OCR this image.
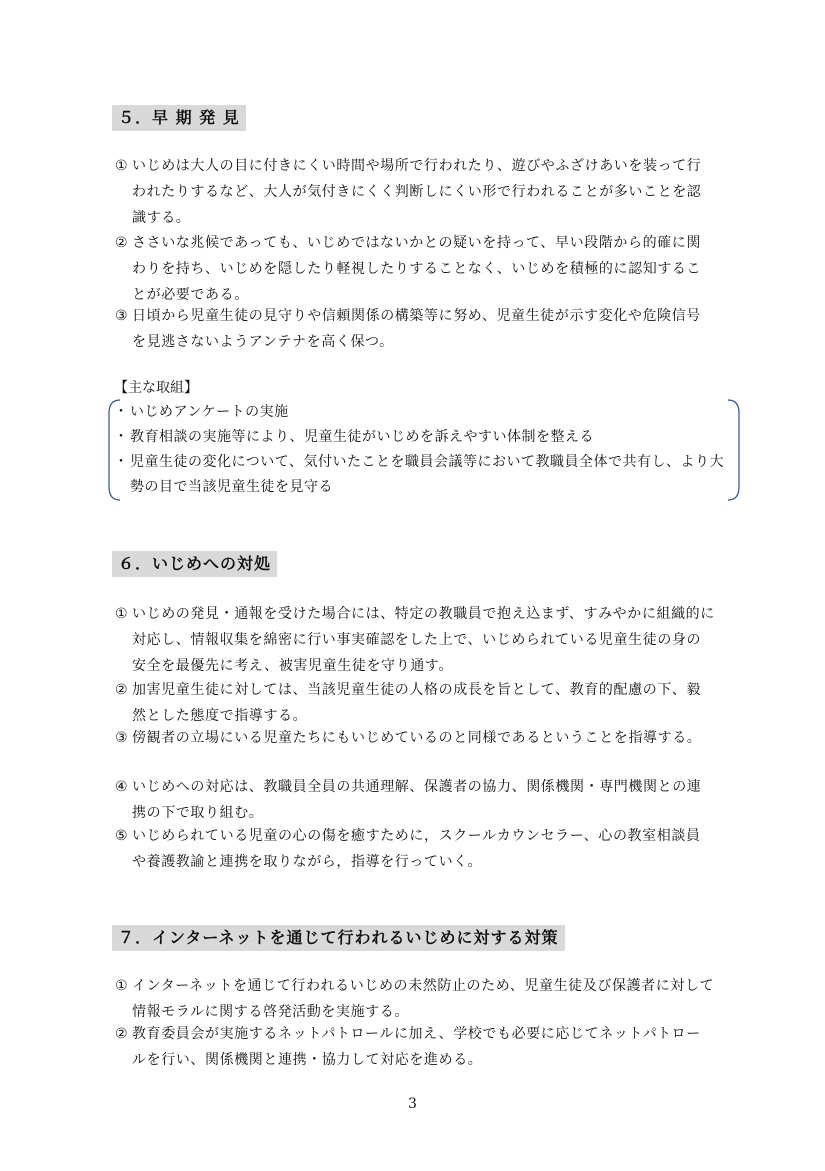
５．早 期 発 見
① いじめは大人の目に付きにくい時間や場所で行われたり、遊びやふざけあいを装って行われたりするなど、大人が気付きにくく判断しにくい形で行われることが多いことを認識する。
② ささいな兆候であっても、いじめではないかとの疑いを持って、早い段階から的確に関わりを持ち、いじめを隠したり軽視したりすることなく、いじめを積極的に認知することが必要である。
③ 日頃から児童生徒の見守りや信頼関係の構築等に努め、児童生徒が示す変化や危険信号を見逃さないようアンテナを高く保つ。
【主な取組】
・ いじめアンケートの実施
・ 教育相談の実施等により、児童生徒がいじめを訴えやすい体制を整える
・ 児童生徒の変化について、気付いたことを職員会議等において教職員全体で共有し、より大勢の目で当該児童生徒を見守る
６．いじめへの対処
① いじめの発見・通報を受けた場合には、特定の教職員で抱え込まず、すみやかに組織的に対応し、情報収集を綿密に行い事実確認をした上で、いじめられている児童生徒の身の安全を最優先に考え、被害児童生徒を守り通す。
② 加害児童生徒に対しては、当該児童生徒の人格の成長を旨として、教育的配慮の下、毅然とした態度で指導する。
③ 傍観者の立場にいる児童たちにもいじめているのと同様であるということを指導する。
④ いじめへの対応は、教職員全員の共通理解、保護者の協力、関係機関・専門機関との連携の下で取り組む。
⑤ いじめられている児童の心の傷を癒すために，スクールカウンセラー、心の教室相談員や養護教諭と連携を取りながら，指導を行っていく。
７．インターネットを通じて行われるいじめに対する対策
① インターネットを通じて行われるいじめの未然防止のため、児童生徒及び保護者に対して情報モラルに関する啓発活動を実施する。
② 教育委員会が実施するネットパトロールに加え、学校でも必要に応じてネットパトロールを行い、関係機関と連携・協力して対応を進める。
3
